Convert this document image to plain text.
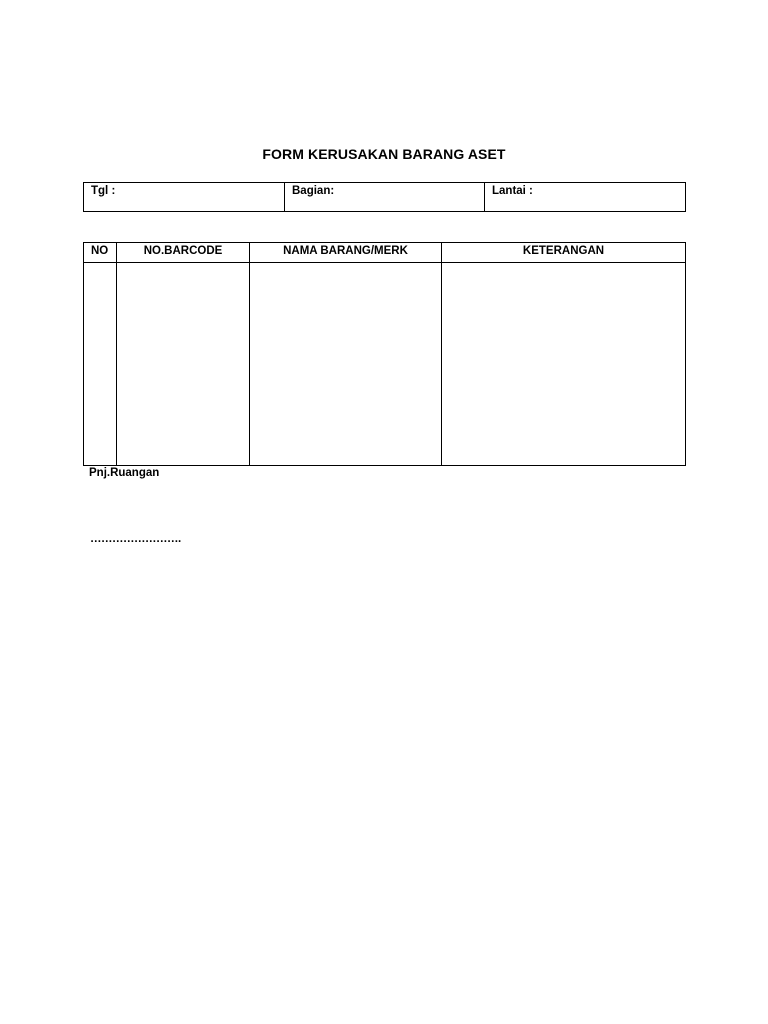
FORM KERUSAKAN BARANG ASET
Tgl :	Bagian:	Lantai :
NO	NO.BARCODE	NAMA BARANG/MERK	KETERANGAN

Pnj.Ruangan
…………………….
